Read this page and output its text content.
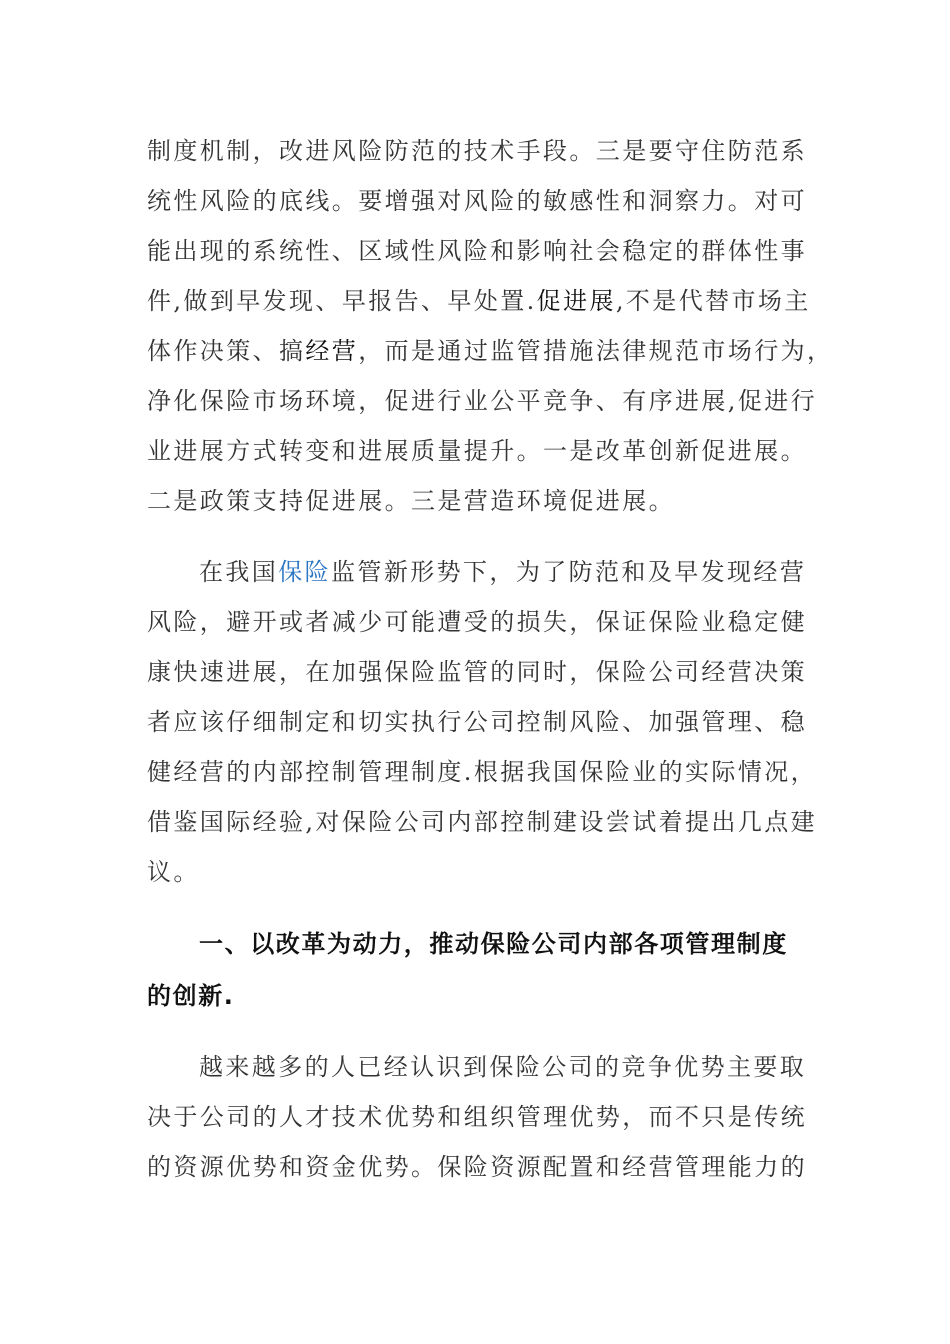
制度机制，改进风险防范的技术手段。三是要守住防范系
统性风险的底线。要增强对风险的敏感性和洞察力。对可
能出现的系统性、区域性风险和影响社会稳定的群体性事
件,做到早发现、早报告、早处置.促进展,不是代替市场主
体作决策、搞经营，而是通过监管措施法律规范市场行为，
净化保险市场环境，促进行业公平竞争、有序进展,促进行
业进展方式转变和进展质量提升。一是改革创新促进展。
二是政策支持促进展。三是营造环境促进展。
在我国保险监管新形势下，为了防范和及早发现经营
风险，避开或者减少可能遭受的损失，保证保险业稳定健
康快速进展，在加强保险监管的同时，保险公司经营决策
者应该仔细制定和切实执行公司控制风险、加强管理、稳
健经营的内部控制管理制度.根据我国保险业的实际情况，
借鉴国际经验,对保险公司内部控制建设尝试着提出几点建
议。
一、以改革为动力，推动保险公司内部各项管理制度
的创新.
越来越多的人已经认识到保险公司的竞争优势主要取
决于公司的人才技术优势和组织管理优势，而不只是传统
的资源优势和资金优势。保险资源配置和经营管理能力的
